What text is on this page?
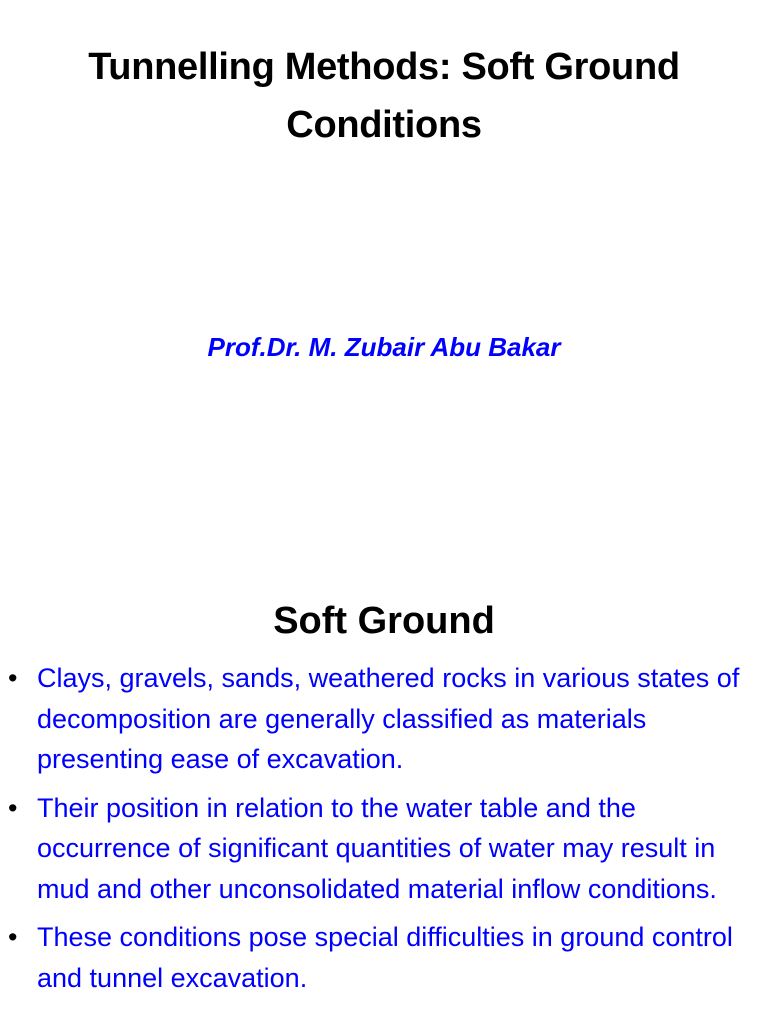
Tunnelling Methods: Soft Ground Conditions

Prof.Dr. M. Zubair Abu Bakar

Soft Ground
• Clays, gravels, sands, weathered rocks in various states of decomposition are generally classified as materials presenting ease of excavation.
• Their position in relation to the water table and the occurrence of significant quantities of water may result in mud and other unconsolidated material inflow conditions.
• These conditions pose special difficulties in ground control and tunnel excavation.
